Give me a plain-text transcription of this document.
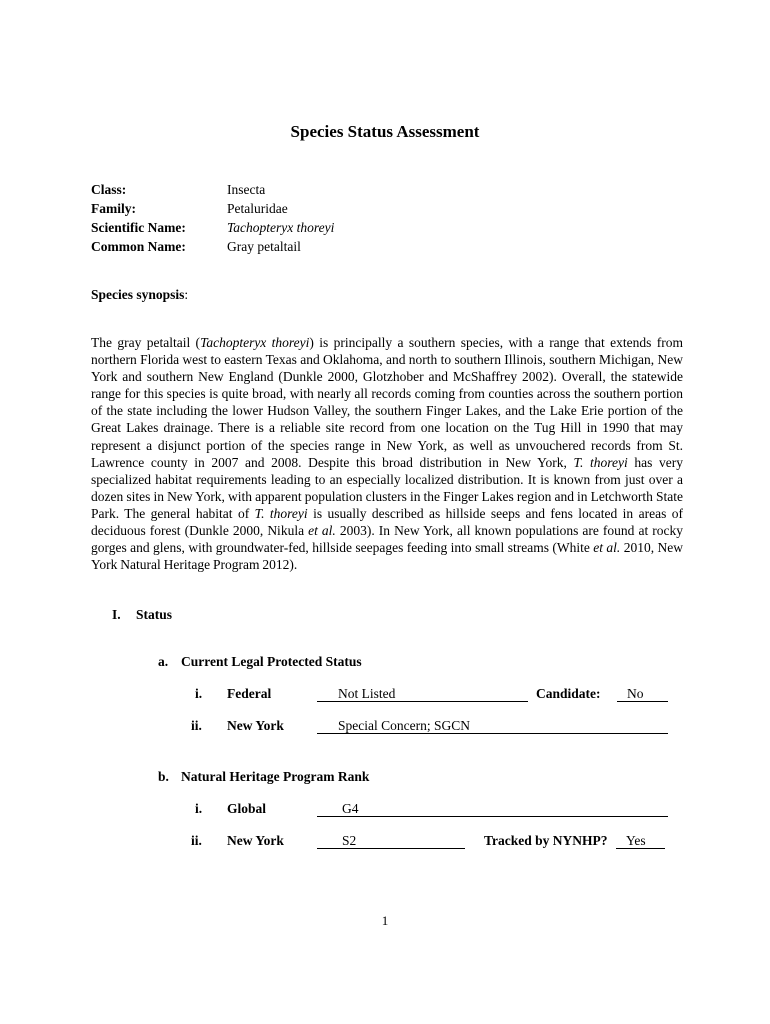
Species Status Assessment
Class:	Insecta
Family:	Petaluridae
Scientific Name:	Tachopteryx thoreyi
Common Name:	Gray petaltail
Species synopsis:
The gray petaltail (Tachopteryx thoreyi) is principally a southern species, with a range that extends from northern Florida west to eastern Texas and Oklahoma, and north to southern Illinois, southern Michigan, New York and southern New England (Dunkle 2000, Glotzhober and McShaffrey 2002). Overall, the statewide range for this species is quite broad, with nearly all records coming from counties across the southern portion of the state including the lower Hudson Valley, the southern Finger Lakes, and the Lake Erie portion of the Great Lakes drainage. There is a reliable site record from one location on the Tug Hill in 1990 that may represent a disjunct portion of the species range in New York, as well as unvouchered records from St. Lawrence county in 2007 and 2008. Despite this broad distribution in New York, T. thoreyi has very specialized habitat requirements leading to an especially localized distribution. It is known from just over a dozen sites in New York, with apparent population clusters in the Finger Lakes region and in Letchworth State Park. The general habitat of T. thoreyi is usually described as hillside seeps and fens located in areas of deciduous forest (Dunkle 2000, Nikula et al. 2003). In New York, all known populations are found at rocky gorges and glens, with groundwater-fed, hillside seepages feeding into small streams (White et al. 2010, New York Natural Heritage Program 2012).
I. Status
a. Current Legal Protected Status
i. Federal	Not Listed	Candidate: No
ii. New York	Special Concern; SGCN
b. Natural Heritage Program Rank
i. Global	G4
ii. New York	S2	Tracked by NYNHP? Yes
1
